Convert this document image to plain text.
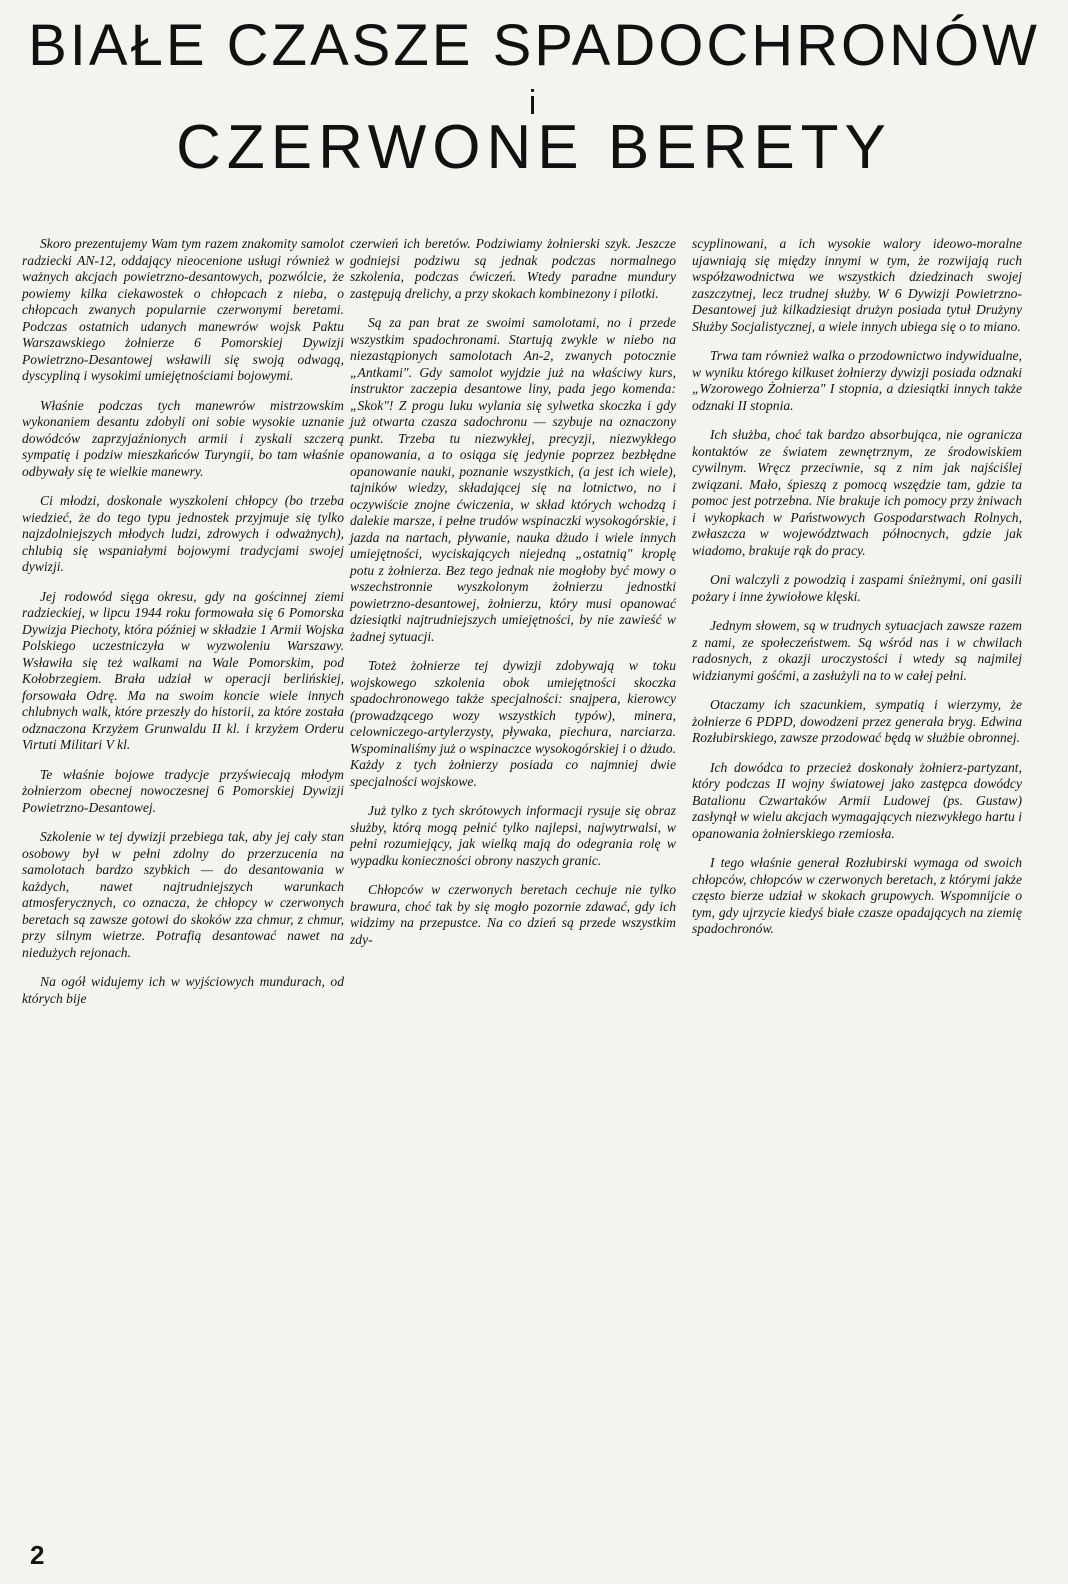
BIAŁE CZASZE SPADOCHRONÓW
i
CZERWONE BERETY

Skoro prezentujemy Wam tym razem znakomity samolot radziecki AN-12, oddający nieocenione usługi również w ważnych akcjach powietrzno-desantowych, pozwólcie, że powiemy kilka ciekawostek o chłopcach z nieba, o chłopcach zwanych popularnie czerwonymi beretami. Podczas ostatnich udanych manewrów wojsk Paktu Warszawskiego żołnierze 6 Pomorskiej Dywizji Powietrzno-Desantowej wsławili się swoją odwagą, dyscypliną i wysokimi umiejętnościami bojowymi.

Właśnie podczas tych manewrów mistrzowskim wykonaniem desantu zdobyli oni sobie wysokie uznanie dowódców zaprzyjaźnionych armii i zyskali szczerą sympatię i podziw mieszkańców Turyngii, bo tam właśnie odbywały się te wielkie manewry.

Ci młodzi, doskonale wyszkoleni chłopcy (bo trzeba wiedzieć, że do tego typu jednostek przyjmuje się tylko najzdolniejszych młodych ludzi, zdrowych i odważnych), chlubią się wspaniałymi bojowymi tradycjami swojej dywizji.

Jej rodowód sięga okresu, gdy na gościnnej ziemi radzieckiej, w lipcu 1944 roku formowała się 6 Pomorska Dywizja Piechoty, która później w składzie 1 Armii Wojska Polskiego uczestniczyła w wyzwoleniu Warszawy. Wsławiła się też walkami na Wale Pomorskim, pod Kołobrzegiem. Brała udział w operacji berlińskiej, forsowała Odrę. Ma na swoim koncie wiele innych chlubnych walk, które przeszły do historii, za które została odznaczona Krzyżem Grunwaldu II kl. i krzyżem Orderu Virtuti Militari V kl.

Te właśnie bojowe tradycje przyświecają młodym żołnierzom obecnej nowoczesnej 6 Pomorskiej Dywizji Powietrzno-Desantowej.

Szkolenie w tej dywizji przebiega tak, aby jej cały stan osobowy był w pełni zdolny do przerzucenia na samolotach bardzo szybkich — do desantowania w każdych, nawet najtrudniejszych warunkach atmosferycznych, co oznacza, że chłopcy w czerwonych beretach są zawsze gotowi do skoków zza chmur, z chmur, przy silnym wietrze. Potrafią desantować nawet na niedużych rejonach.

Na ogół widujemy ich w wyjściowych mundurach, od których bije

czerwień ich beretów. Podziwiamy żołnierski szyk. Jeszcze godniejsi podziwu są jednak podczas normalnego szkolenia, podczas ćwiczeń. Wtedy paradne mundury zastępują drelichy, a przy skokach kombinezony i pilotki.

Są za pan brat ze swoimi samolotami, no i przede wszystkim spadochronami. Startują zwykle w niebo na niezastąpionych samolotach An-2, zwanych potocznie „Antkami". Gdy samolot wyjdzie już na właściwy kurs, instruktor zaczepia desantowe liny, pada jego komenda: „Skok"! Z progu luku wylania się sylwetka skoczka i gdy już otwarta czasza sadochronu — szybuje na oznaczony punkt. Trzeba tu niezwykłej, precyzji, niezwykłego opanowania, a to osiąga się jedynie poprzez bezbłędne opanowanie nauki, poznanie wszystkich, (a jest ich wiele), tajników wiedzy, składającej się na lotnictwo, no i oczywiście znojne ćwiczenia, w skład których wchodzą i dalekie marsze, i pełne trudów wspinaczki wysokogórskie, i jazda na nartach, pływanie, nauka dżudo i wiele innych umiejętności, wyciskających niejedną „ostatnią" kroplę potu z żołnierza. Bez tego jednak nie mogłoby być mowy o wszechstronnie wyszkolonym żołnierzu jednostki powietrzno-desantowej, żołnierzu, który musi opanować dziesiątki najtrudniejszych umiejętności, by nie zawieść w żadnej sytuacji.

Toteż żołnierze tej dywizji zdobywają w toku wojskowego szkolenia obok umiejętności skoczka spadochronowego także specjalności: snajpera, kierowcy (prowadzącego wozy wszystkich typów), minera, celowniczego-artylerzysty, pływaka, piechura, narciarza. Wspominaliśmy już o wspinaczce wysokogórskiej i o dżudo. Każdy z tych żołnierzy posiada co najmniej dwie specjalności wojskowe.

Już tylko z tych skrótowych informacji rysuje się obraz służby, którą mogą pełnić tylko najlepsi, najwytrwalsi, w pełni rozumiejący, jak wielką mają do odegrania rolę w wypadku konieczności obrony naszych granic.

Chłopców w czerwonych beretach cechuje nie tylko brawura, choć tak by się mogło pozornie zdawać, gdy ich widzimy na przepustce. Na co dzień są przede wszystkim zdy-

scyplinowani, a ich wysokie walory ideowo-moralne ujawniają się między innymi w tym, że rozwijają ruch współzawodnictwa we wszystkich dziedzinach swojej zaszczytnej, lecz trudnej służby. W 6 Dywizji Powietrzno-Desantowej już kilkadziesiąt drużyn posiada tytuł Drużyny Służby Socjalistycznej, a wiele innych ubiega się o to miano.

Trwa tam również walka o przodownictwo indywidualne, w wyniku którego kilkuset żołnierzy dywizji posiada odznaki „Wzorowego Żołnierza" I stopnia, a dziesiątki innych także odznaki II stopnia.

Ich służba, choć tak bardzo absorbująca, nie ogranicza kontaktów ze światem zewnętrznym, ze środowiskiem cywilnym. Wręcz przeciwnie, są z nim jak najściślej związani. Mało, śpieszą z pomocą wszędzie tam, gdzie ta pomoc jest potrzebna. Nie brakuje ich pomocy przy żniwach i wykopkach w Państwowych Gospodarstwach Rolnych, zwłaszcza w województwach północnych, gdzie jak wiadomo, brakuje rąk do pracy.

Oni walczyli z powodzią i zaspami śnieżnymi, oni gasili pożary i inne żywiołowe klęski.

Jednym słowem, są w trudnych sytuacjach zawsze razem z nami, ze społeczeństwem. Są wśród nas i w chwilach radosnych, z okazji uroczystości i wtedy są najmilej widzianymi gośćmi, a zasłużyli na to w całej pełni.

Otaczamy ich szacunkiem, sympatią i wierzymy, że żołnierze 6 PDPD, dowodzeni przez generała bryg. Edwina Rozłubirskiego, zawsze przodować będą w służbie obronnej.

Ich dowódca to przecież doskonały żołnierz-partyzant, który podczas II wojny światowej jako zastępca dowódcy Batalionu Czwartaków Armii Ludowej (ps. Gustaw) zasłynął w wielu akcjach wymagających niezwykłego hartu i opanowania żołnierskiego rzemiosła.

I tego właśnie generał Rozłubirski wymaga od swoich chłopców, chłopców w czerwonych beretach, z którymi jakże często bierze udział w skokach grupowych. Wspomnijcie o tym, gdy ujrzycie kiedyś białe czasze opadających na ziemię spadochronów.

2
